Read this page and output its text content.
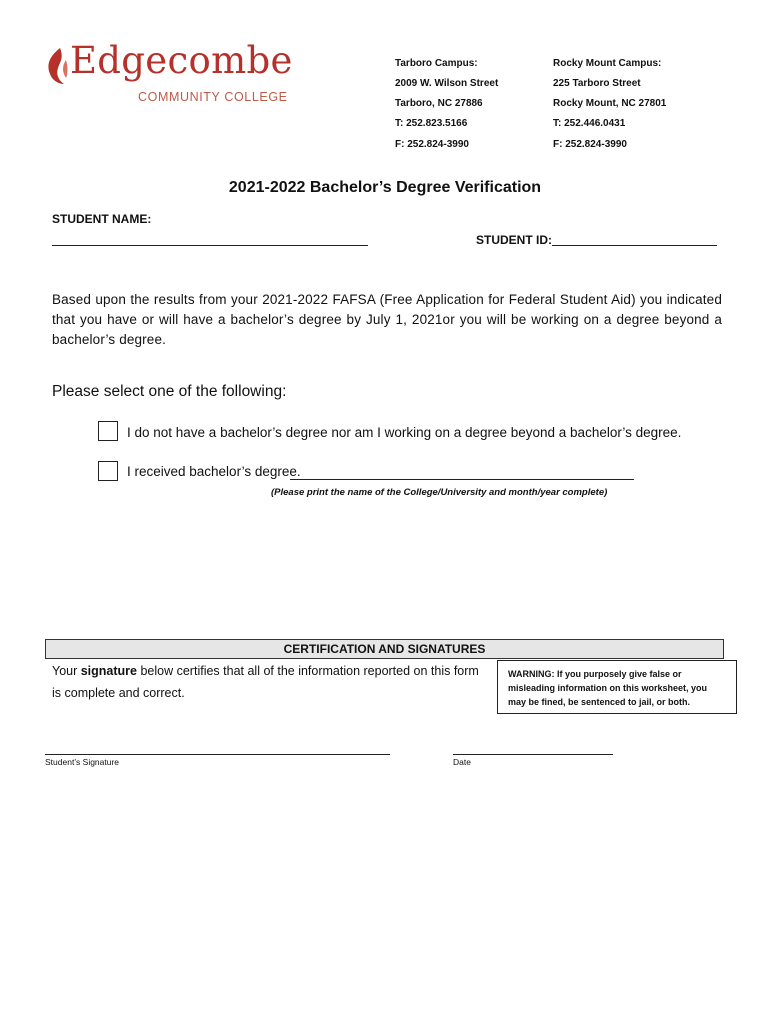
Edgecombe
COMMUNITY COLLEGE
Tarboro Campus:
2009 W. Wilson Street
Tarboro, NC 27886
T: 252.823.5166
F: 252.824-3990
Rocky Mount Campus:
225 Tarboro Street
Rocky Mount, NC 27801
T: 252.446.0431
F: 252.824-3990
2021-2022 Bachelor’s Degree Verification
STUDENT NAME:
STUDENT ID:
Based upon the results from your 2021-2022 FAFSA (Free Application for Federal Student Aid) you indicated that you have or will have a bachelor’s degree by July 1, 2021or you will be working on a degree beyond a bachelor’s degree.
Please select one of the following:
I do not have a bachelor’s degree nor am I working on a degree beyond a bachelor’s degree.
I received bachelor’s degree.
(Please print the name of the College/University and month/year complete)
CERTIFICATION AND SIGNATURES
Your signature below certifies that all of the information reported on this form is complete and correct.
WARNING: If you purposely give false or misleading information on this worksheet, you may be fined, be sentenced to jail, or both.
Student’s Signature	Date
